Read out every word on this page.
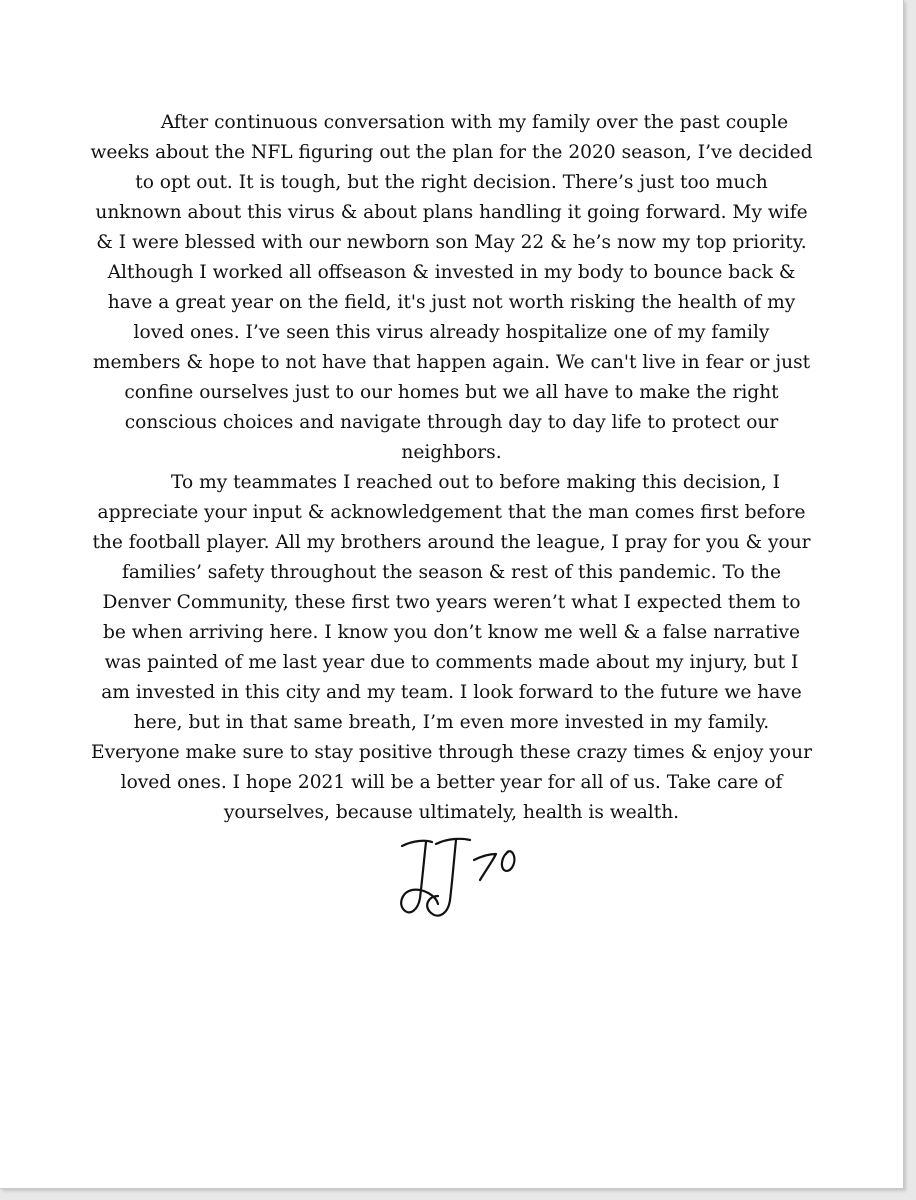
After continuous conversation with my family over the past couple
weeks about the NFL figuring out the plan for the 2020 season, I’ve decided
to opt out. It is tough, but the right decision. There’s just too much
unknown about this virus & about plans handling it going forward. My wife
& I were blessed with our newborn son May 22 & he’s now my top priority.
Although I worked all offseason & invested in my body to bounce back &
have a great year on the field, it's just not worth risking the health of my
loved ones. I’ve seen this virus already hospitalize one of my family
members & hope to not have that happen again. We can't live in fear or just
confine ourselves just to our homes but we all have to make the right
conscious choices and navigate through day to day life to protect our
neighbors.
To my teammates I reached out to before making this decision, I
appreciate your input & acknowledgement that the man comes first before
the football player. All my brothers around the league, I pray for you & your
families’ safety throughout the season & rest of this pandemic. To the
Denver Community, these first two years weren’t what I expected them to
be when arriving here. I know you don’t know me well & a false narrative
was painted of me last year due to comments made about my injury, but I
am invested in this city and my team. I look forward to the future we have
here, but in that same breath, I’m even more invested in my family.
Everyone make sure to stay positive through these crazy times & enjoy your
loved ones. I hope 2021 will be a better year for all of us. Take care of
yourselves, because ultimately, health is wealth.
